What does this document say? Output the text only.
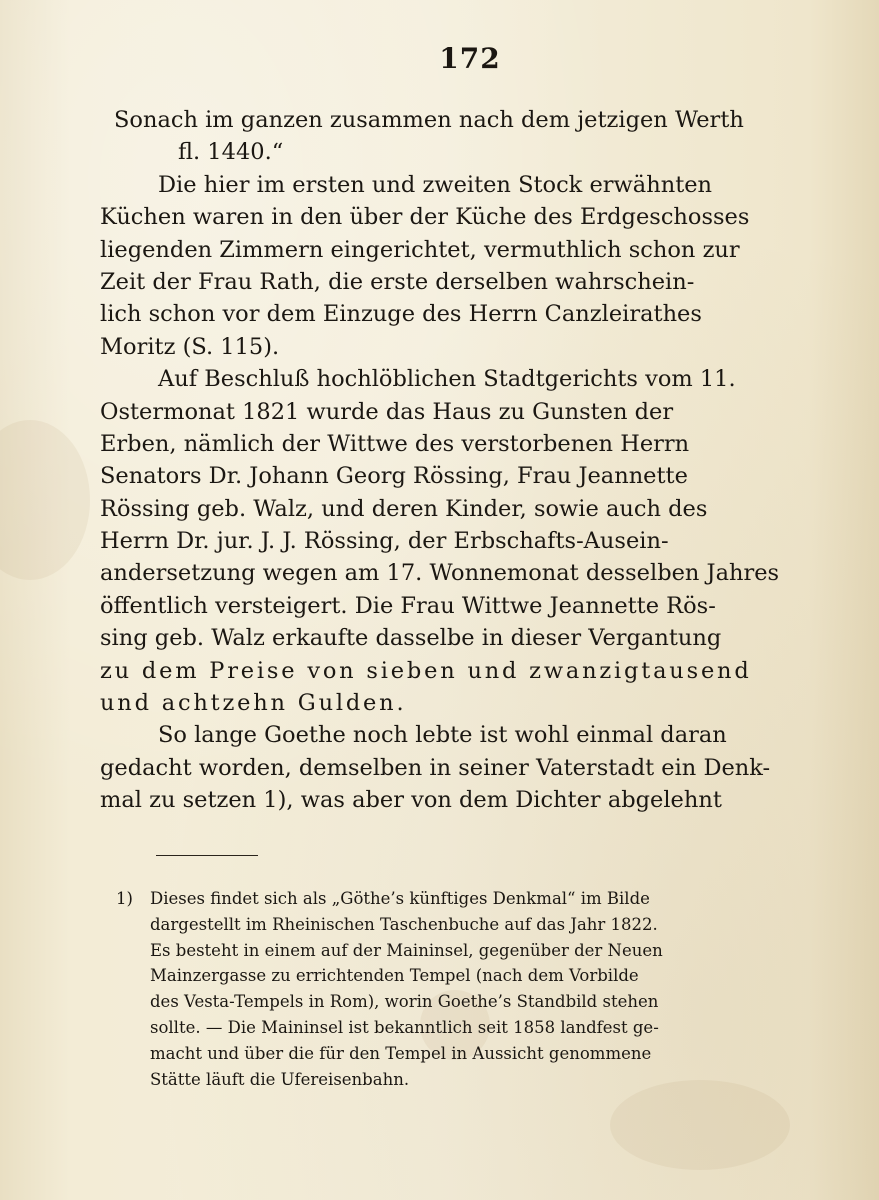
172
Sonach im ganzen zusammen nach dem jetzigen Werth
fl. 1440.“
Die hier im ersten und zweiten Stock erwähnten
Küchen waren in den über der Küche des Erdgeschosses
liegenden Zimmern eingerichtet, vermuthlich schon zur
Zeit der Frau Rath, die erste derselben wahrschein-
lich schon vor dem Einzuge des Herrn Canzleirathes
Moritz (S. 115).
Auf Beschluß hochlöblichen Stadtgerichts vom 11.
Ostermonat 1821 wurde das Haus zu Gunsten der
Erben, nämlich der Wittwe des verstorbenen Herrn
Senators Dr. Johann Georg Rössing, Frau Jeannette
Rössing geb. Walz, und deren Kinder, sowie auch des
Herrn Dr. jur. J. J. Rössing, der Erbschafts-Ausein-
andersetzung wegen am 17. Wonnemonat desselben Jahres
öffentlich versteigert. Die Frau Wittwe Jeannette Rös-
sing geb. Walz erkaufte dasselbe in dieser Vergantung
zu dem Preise von sieben und zwanzigtausend
und achtzehn Gulden.
So lange Goethe noch lebte ist wohl einmal daran
gedacht worden, demselben in seiner Vaterstadt ein Denk-
mal zu setzen 1), was aber von dem Dichter abgelehnt
1) Dieses findet sich als „Göthe’s künftiges Denkmal“ im Bilde
dargestellt im Rheinischen Taschenbuche auf das Jahr 1822.
Es besteht in einem auf der Maininsel, gegenüber der Neuen
Mainzergasse zu errichtenden Tempel (nach dem Vorbilde
des Vesta-Tempels in Rom), worin Goethe’s Standbild stehen
sollte. — Die Maininsel ist bekanntlich seit 1858 landfest ge-
macht und über die für den Tempel in Aussicht genommene
Stätte läuft die Ufereisenbahn.
